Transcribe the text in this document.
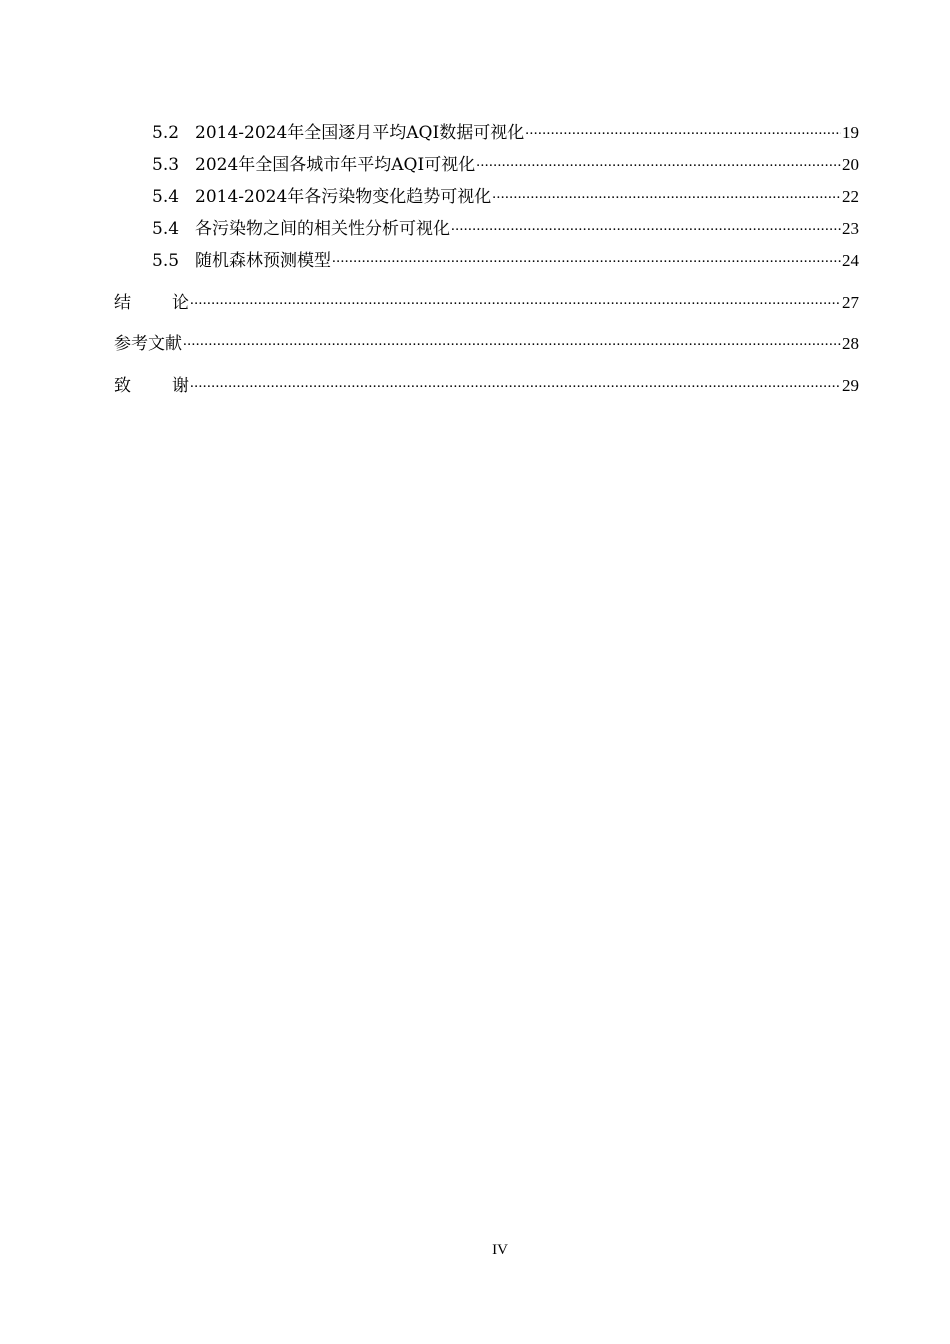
5.2 2014-2024年全国逐月平均AQI数据可视化 .....	19
5.3 2024年全国各城市年平均AQI可视化 .....	20
5.4 2014-2024年各污染物变化趋势可视化 .....	22
5.4 各污染物之间的相关性分析可视化 .....	23
5.5 随机森林预测模型 .....	24
结 论 .....	27
参考文献 .....	28
致 谢 .....	29
IV
